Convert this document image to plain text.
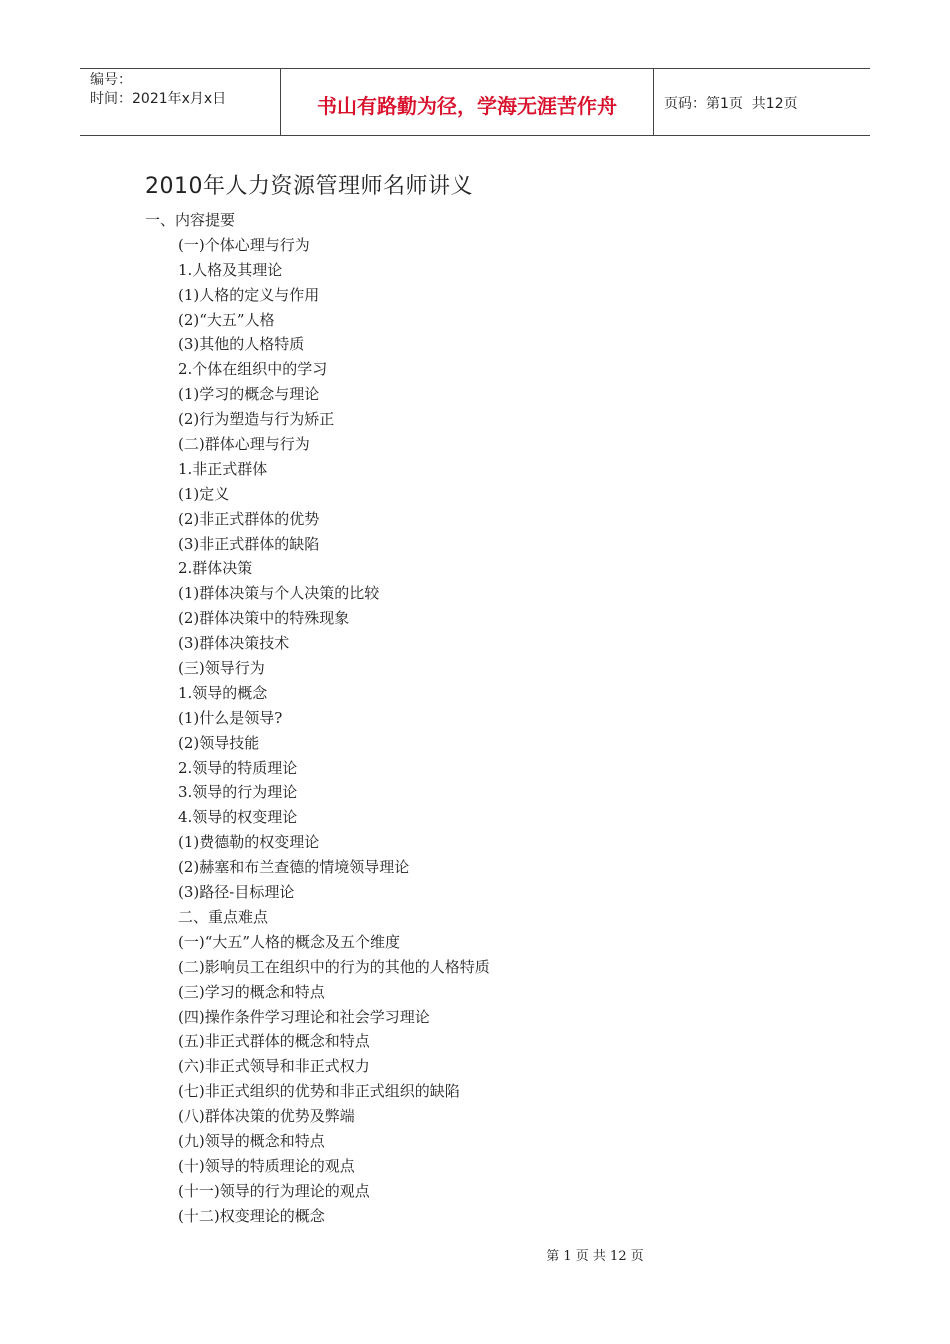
编号：
时间：2021年x月x日	书山有路勤为径，学海无涯苦作舟	页码：第1页  共12页
2010年人力资源管理师名师讲义
一、内容提要
(一)个体心理与行为
1.人格及其理论
(1)人格的定义与作用
(2)“大五”人格
(3)其他的人格特质
2.个体在组织中的学习
(1)学习的概念与理论
(2)行为塑造与行为矫正
(二)群体心理与行为
1.非正式群体
(1)定义
(2)非正式群体的优势
(3)非正式群体的缺陷
2.群体决策
(1)群体决策与个人决策的比较
(2)群体决策中的特殊现象
(3)群体决策技术
(三)领导行为
1.领导的概念
(1)什么是领导?
(2)领导技能
2.领导的特质理论
3.领导的行为理论
4.领导的权变理论
(1)费德勒的权变理论
(2)赫塞和布兰查德的情境领导理论
(3)路径-目标理论
二、重点难点
(一)“大五”人格的概念及五个维度
(二)影响员工在组织中的行为的其他的人格特质
(三)学习的概念和特点
(四)操作条件学习理论和社会学习理论
(五)非正式群体的概念和特点
(六)非正式领导和非正式权力
(七)非正式组织的优势和非正式组织的缺陷
(八)群体决策的优势及弊端
(九)领导的概念和特点
(十)领导的特质理论的观点
(十一)领导的行为理论的观点
(十二)权变理论的概念
第 1 页 共 12 页
